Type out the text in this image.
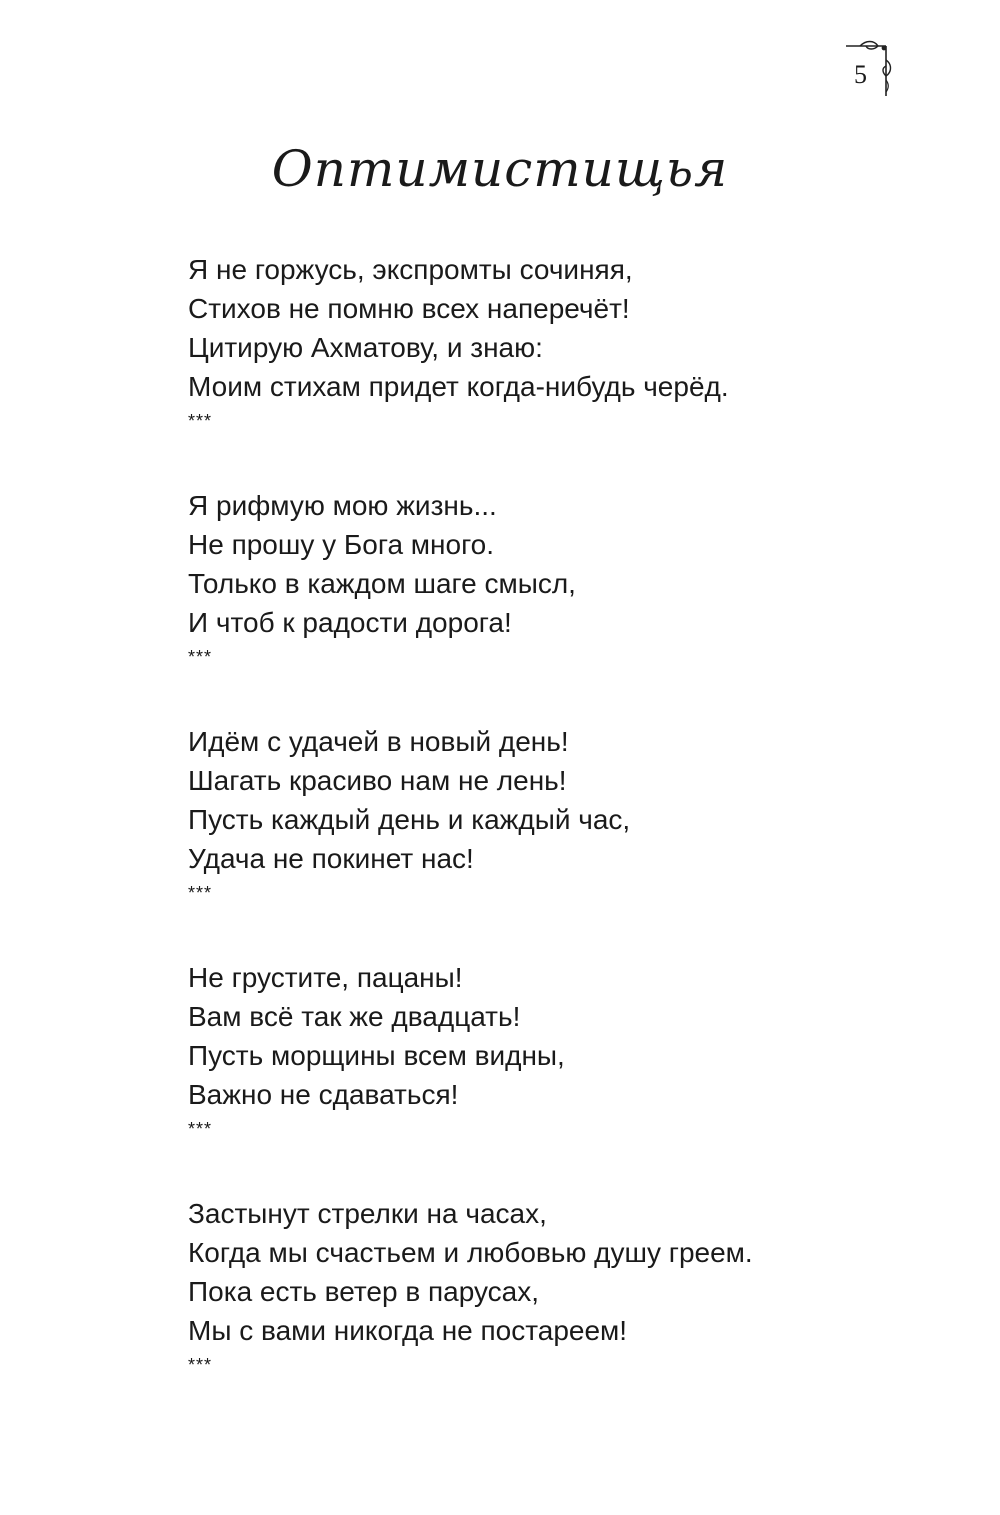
5
Оптимистищья
Я не горжусь, экспромты сочиняя,
Стихов не помню всех наперечёт!
Цитирую Ахматову, и знаю:
Моим стихам придет когда-нибудь черёд.
***
Я рифмую мою жизнь...
Не прошу у Бога много.
Только в каждом шаге смысл,
И чтоб к радости дорога!
***
Идём с удачей в новый день!
Шагать красиво нам не лень!
Пусть каждый день и каждый час,
Удача не покинет нас!
***
Не грустите, пацаны!
Вам всё так же двадцать!
Пусть морщины всем видны,
Важно не сдаваться!
***
Застынут стрелки на часах,
Когда мы счастьем и любовью душу греем.
Пока есть ветер в парусах,
Мы с вами никогда не постареем!
***
